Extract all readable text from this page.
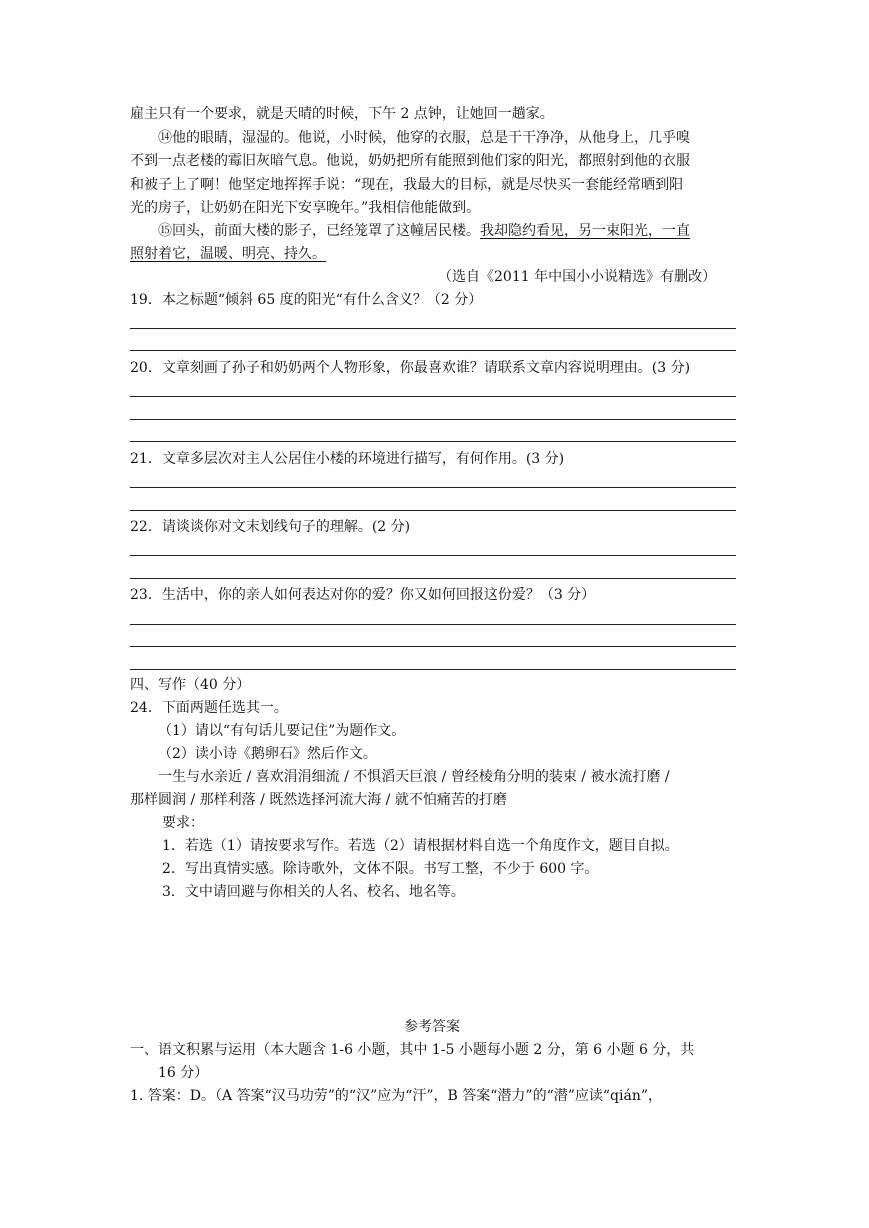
雇主只有一个要求，就是天晴的时候，下午 2 点钟，让她回一趟家。
⑭他的眼睛，湿湿的。他说，小时候，他穿的衣服，总是干干净净，从他身上，几乎嗅
不到一点老楼的霉旧灰暗气息。他说，奶奶把所有能照到他们家的阳光，都照射到他的衣服
和被子上了啊！他坚定地挥挥手说：“现在，我最大的目标，就是尽快买一套能经常晒到阳
光的房子，让奶奶在阳光下安享晚年。”我相信他能做到。
⑮回头，前面大楼的影子，已经笼罩了这幢居民楼。我却隐约看见，另一束阳光，一直
照射着它，温暖、明亮、持久。
（选自《2011 年中国小小说精选》有删改）
19．本之标题“倾斜 65 度的阳光“有什么含义？（2 分）
20．文章刻画了孙子和奶奶两个人物形象，你最喜欢谁？请联系文章内容说明理由。(3 分)
21．文章多层次对主人公居住小楼的环境进行描写，有何作用。(3 分)
22．请谈谈你对文末划线句子的理解。(2 分)
23．生活中，你的亲人如何表达对你的爱？你又如何回报这份爱？（3 分）
四、写作（40 分）
24．下面两题任选其一。
（1）请以“有句话儿要记住”为题作文。
（2）读小诗《鹅卵石》然后作文。
一生与水亲近 / 喜欢涓涓细流 / 不惧滔天巨浪 / 曾经棱角分明的装束 / 被水流打磨 /
那样圆润 / 那样利落 / 既然选择河流大海 / 就不怕痛苦的打磨
要求：
1．若选（1）请按要求写作。若选（2）请根据材料自选一个角度作文，题目自拟。
2．写出真情实感。除诗歌外，文体不限。书写工整，不少于 600 字。
3．文中请回避与你相关的人名、校名、地名等。
参考答案
一、语文积累与运用（本大题含 1-6 小题，其中 1-5 小题每小题 2 分，第 6 小题 6 分，共
16 分）
1. 答案：D。（A 答案“汉马功劳”的“汉”应为“汗”，B 答案“潜力”的“潜”应读“qián”，
